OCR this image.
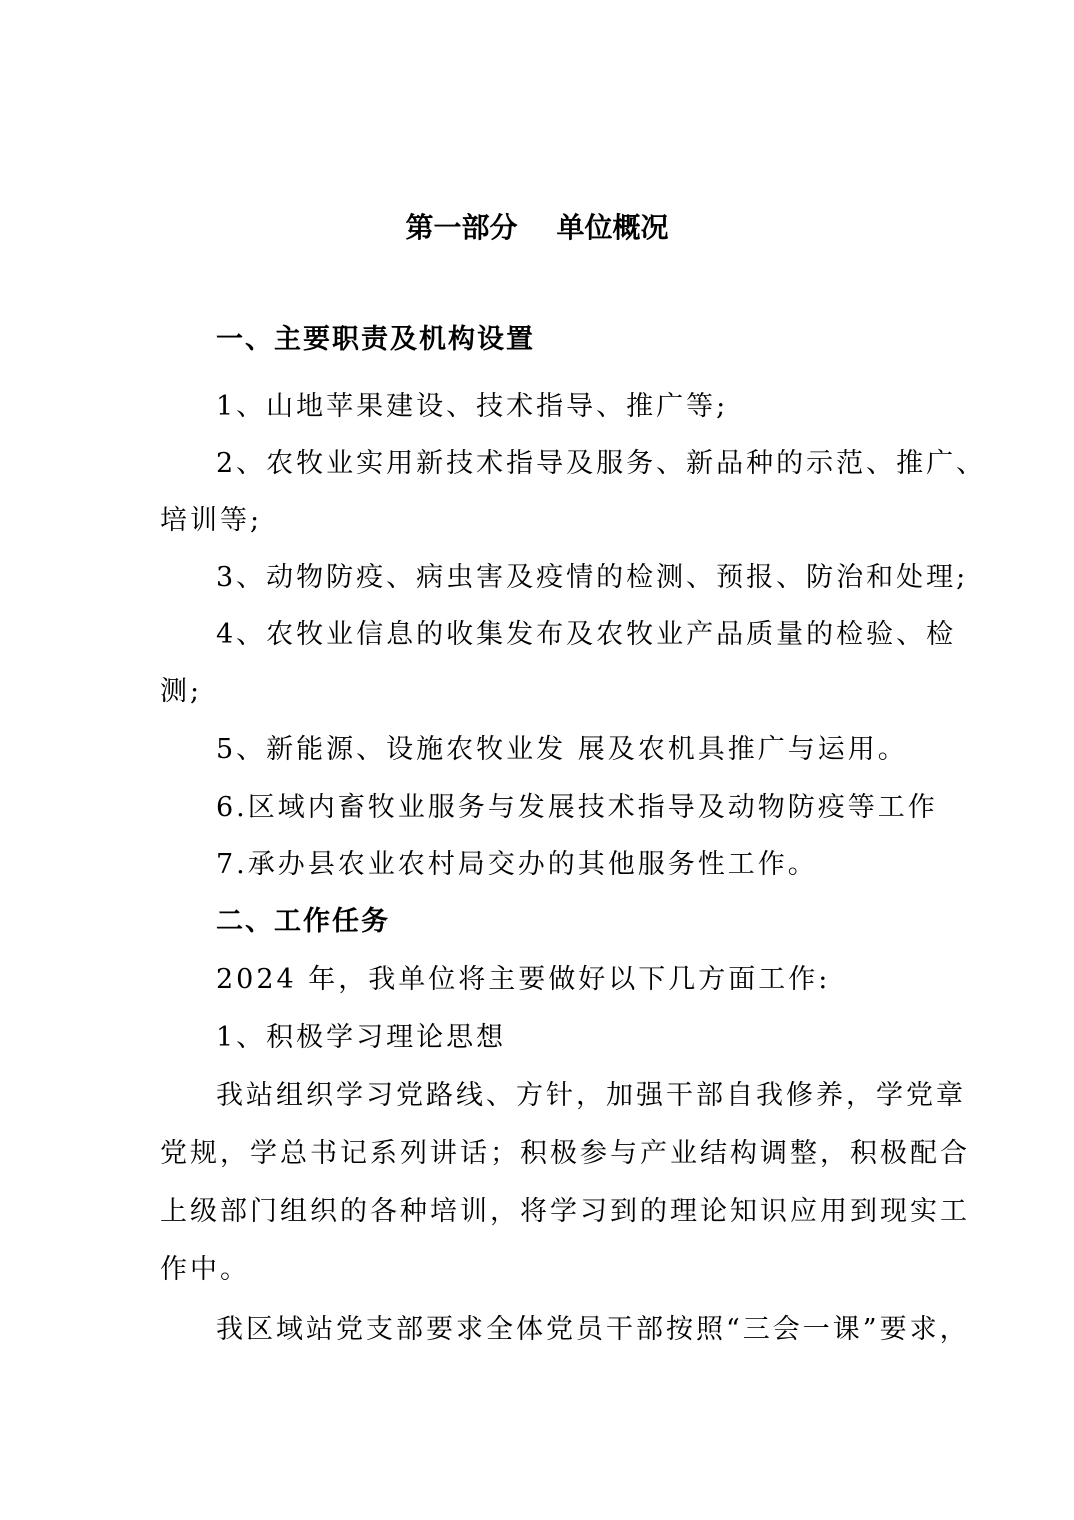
第一部分    单位概况
一、主要职责及机构设置
1、山地苹果建设、技术指导、推广等;
2、农牧业实用新技术指导及服务、新品种的示范、推广、
培训等;
3、动物防疫、病虫害及疫情的检测、预报、防治和处理;
4、农牧业信息的收集发布及农牧业产品质量的检验、检
测;
5、新能源、设施农牧业发 展及农机具推广与运用。
6.区域内畜牧业服务与发展技术指导及动物防疫等工作
7.承办县农业农村局交办的其他服务性工作。
二、工作任务
2024 年，我单位将主要做好以下几方面工作:
1、积极学习理论思想
我站组织学习党路线、方针，加强干部自我修养，学党章
党规，学总书记系列讲话；积极参与产业结构调整，积极配合
上级部门组织的各种培训，将学习到的理论知识应用到现实工
作中。
我区域站党支部要求全体党员干部按照“三会一课”要求，
